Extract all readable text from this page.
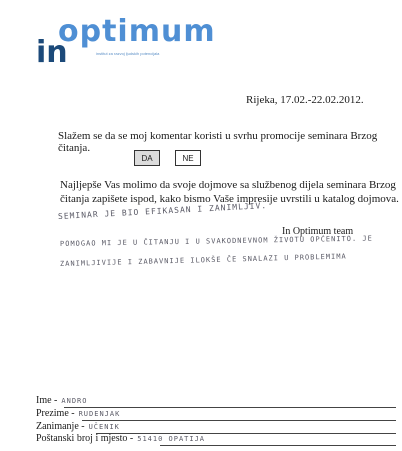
optimum
in	institut za razvoj ljudskih potencijala
Rijeka, 17.02.-22.02.2012.
Slažem se da se moj komentar koristi u svrhu promocije seminara Brzog čitanja.
DA	NE
Najljepše Vas molimo da svoje dojmove sa službenog dijela seminara Brzog
čitanja zapišete ispod, kako bismo Vaše impresije uvrstili u katalog dojmova.
In Optimum team
SEMINAR JE BIO EFIKASAN I ZANIMLJIV.
POMOGAO MI JE U ČITANJU I U SVAKODNEVNOM ŽIVOTU OPĆENITO. JE
ZANIMLJIVIJE I ZABAVNIJE ILOKŠE ČE SNALAZI U PROBLEMIMA
Ime - ANDRO
Prezime - RUDENJAK
Zanimanje - UČENIK
Poštanski broj i mjesto - 51410 OPATIJA
